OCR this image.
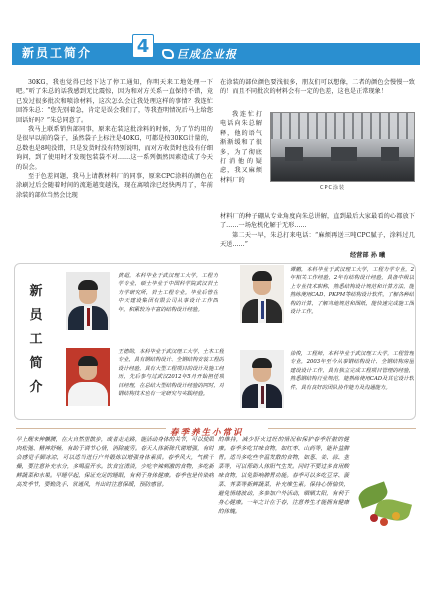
新员工简介 4	巨成企业报

30KG，我也觉得已经下达了停工通知，你明天来工地处理一下吧。”听了朱总的话我感到无比震惊，因为和对方关系一直保持不错，竟已发过很多批次和喷涂材料，这次怎么会让我处理这样的事情？我连忙回答朱总：“您先别着急，肯定是误会我们了，等我查明情况后马上给您回话好吗？”朱总同意了。

我马上联系销售部同事，原来在装这批涂料的时候，为了节约用的是很早以前的袋子，虽然袋子上标注是40KG，可都是按30KG计量的，总数也是8吨没错，只是发货时没有特别说明，而对方收货时也没有仔细询问，到了使用时才发现包装袋不对……这一系列偶然因素造成了今天的误会。

至于色差问题，我马上请教材料厂的同事，原来CPC涂料的颜色在涂刷过后会随着时间的流逝越变越浅，现在离喷涂已经快两月了，年前涂装的部位当然会比现

在涂装的部位颜色要浅很多，朋友们可以想像，二者的颜色会慢慢一致的！而且不同批次的材料会有一定的色差，这也是正常现象！

我连忙打电话向朱总解释，他的语气渐渐缓和了很多，为了彻底打消他的疑虑，我又麻烦材料厂的

CPC涂装

材料厂的种子硼从专业角度向朱总讲解，直到最后大家最看的心都放下了……一场危机化解于无形……

第二天一早，朱总打来电话：“麻烦再送三吨CPC腻子，涂料过几天送……”

经营部 孙 曦
新
员
工
简
介
黄超，本科毕业于武汉理工大学，工程力学专业，硕士毕业于中国科学院武汉岩土力学研究所，岩土工程专业。毕业后曾在中天建设集团有限公司从事设计工作四年，积累较为丰富的结构设计经验。
谭鹏，本科毕业于武汉理工大学，工程力学专业，2年相关工作经验，2年有结构设计经验，具备中级以上专业技术职称，熟悉结构设计规范和计算方法，能熟练使用CAD、PKPM等结构设计软件。了解各种结构的计算，了解当地规范和图纸，能快速完成施工图设计工作。
王德勋，本科毕业于武汉理工大学，土木工程专业，具有钢结构设计、全钢结构安装工程的设计经验，具有大型工程项目的设计及施工经历，先后参与过武汉2012年5月开始担任项目经理，在总结大型结构设计经验的同时，对钢结构技术也有一定研究与实践经验。
徐俊，工程师，本科毕业于武汉理工大学，工程管理专业，2003年至今从事钢结构设计、全钢结构房屋建设设计工作，具有独立完成工程项目管理的经验，熟悉钢结构行业规范，能熟练使用CAD及其它设计软件，具有良好的团队协作能力及沟通能力。
春季养生小常识
早上醒来伸懒腰，在大自然里散步，或者走走路，能活动身体的关节，可以使肌肉松弛、精神舒畅，有助于调节心情，消除疲劳。春天人体新陈代谢增强，有时会感觉手脚冰凉，可以适当进行户外锻炼以增强身体素质。春季风大，气候干燥，要注意补充水分，多喝温开水。饮食宜清淡，少吃辛辣刺激的食物，多吃新鲜蔬菜和水果。早睡早起，保证充足的睡眠，有利于身体健康。春季也是传染病高发季节，要勤洗手、常通风，外出时注意保暖，预防感冒。
的维持，减少肝火过旺的情况和保护春季肝脏的健康。春季多吃甘味食物，如红枣、山药等，能补益脾胃。适当多吃些辛温发散的食物，如葱、姜、蒜、韭菜等，可以帮助人体阳气生发。同时不要过多食用酸味食物，以免影响脾胃功能。春季可以多吃豆芽、菠菜、荠菜等新鲜蔬菜，补充维生素。保持心情愉快，避免情绪波动，多参加户外活动，晒晒太阳，有利于身心健康。一年之计在于春，注意养生才能拥有健康的体魄。
